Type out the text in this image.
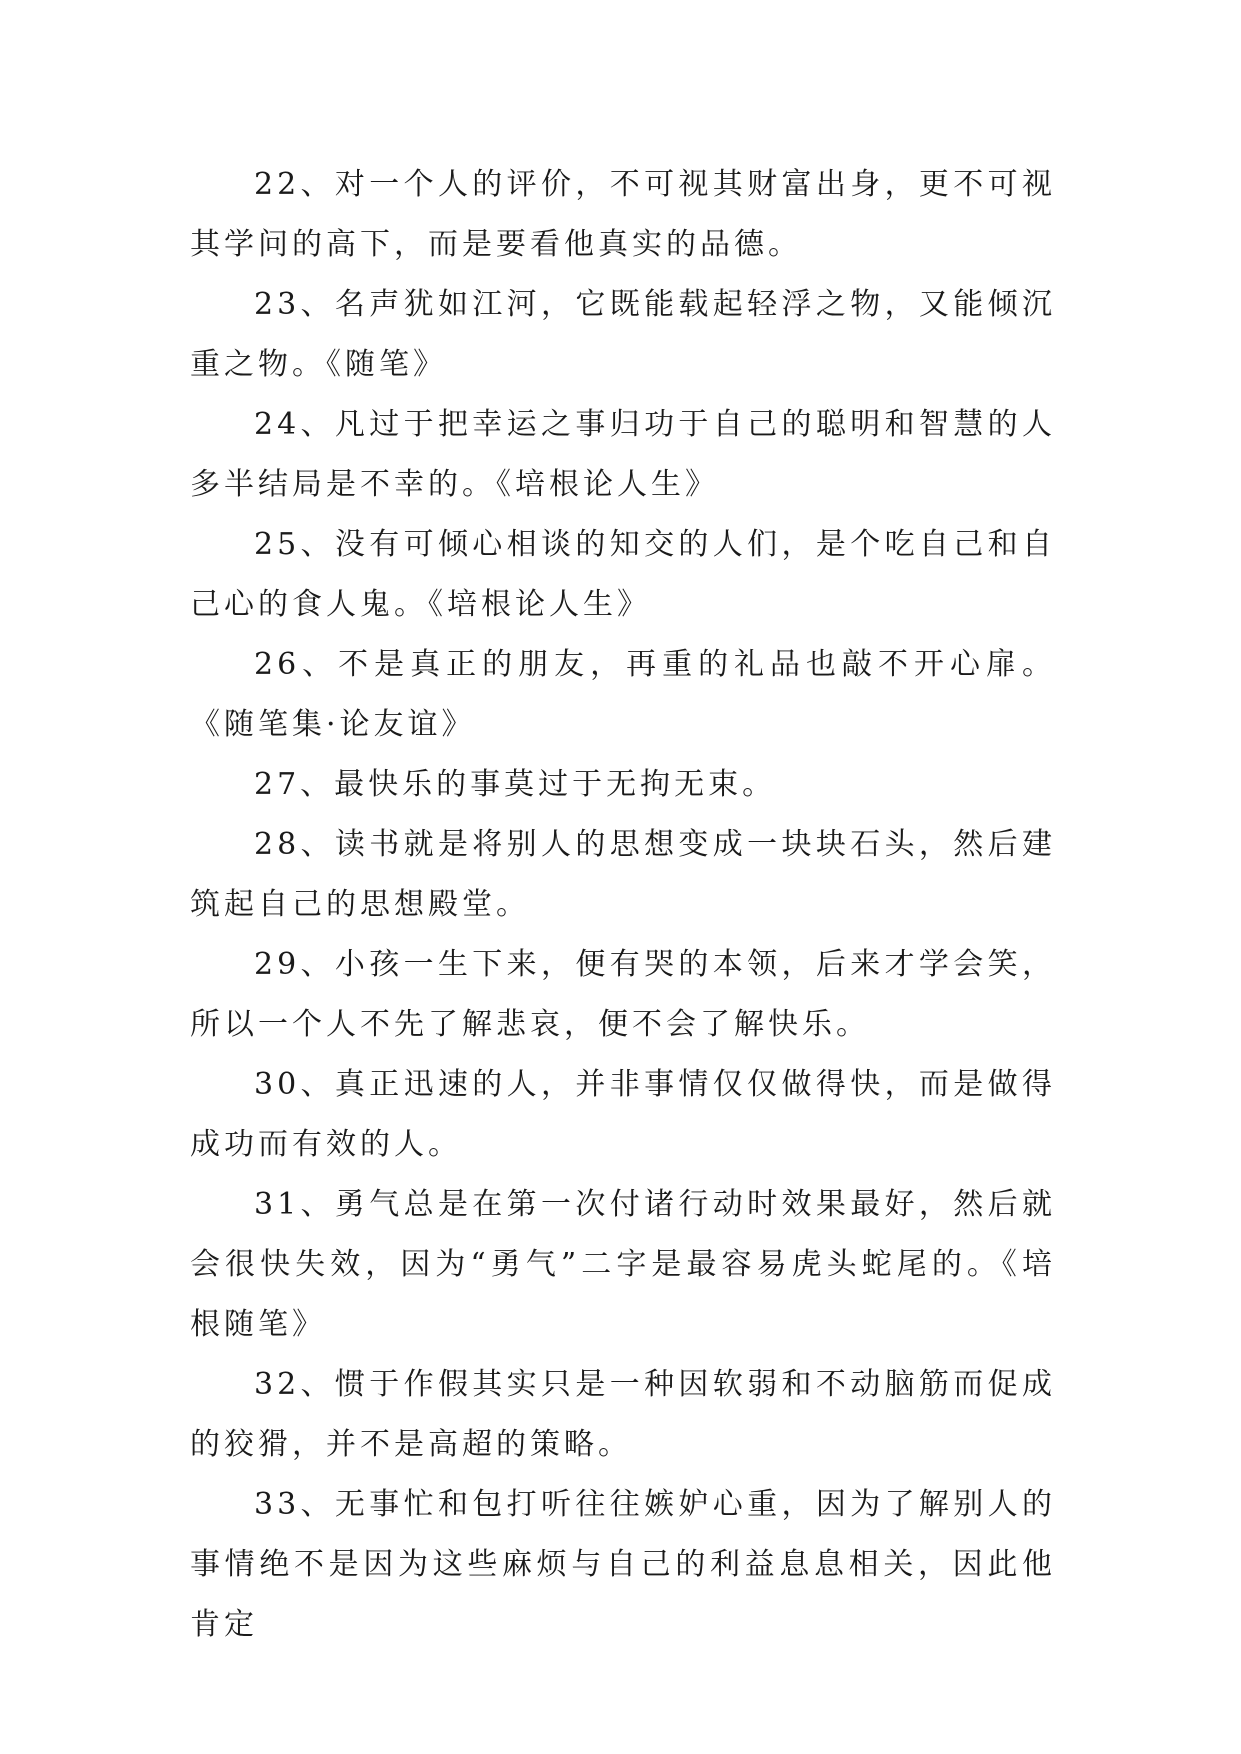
22、对一个人的评价，不可视其财富出身，更不可视其学问的高下，而是要看他真实的品德。

23、名声犹如江河，它既能载起轻浮之物，又能倾沉重之物。《随笔》

24、凡过于把幸运之事归功于自己的聪明和智慧的人多半结局是不幸的。《培根论人生》

25、没有可倾心相谈的知交的人们，是个吃自己和自己心的食人鬼。《培根论人生》

26、不是真正的朋友，再重的礼品也敲不开心扉。《随笔集·论友谊》

27、最快乐的事莫过于无拘无束。

28、读书就是将别人的思想变成一块块石头，然后建筑起自己的思想殿堂。

29、小孩一生下来，便有哭的本领，后来才学会笑，所以一个人不先了解悲哀，便不会了解快乐。

30、真正迅速的人，并非事情仅仅做得快，而是做得成功而有效的人。

31、勇气总是在第一次付诸行动时效果最好，然后就会很快失效，因为“勇气”二字是最容易虎头蛇尾的。《培根随笔》

32、惯于作假其实只是一种因软弱和不动脑筋而促成的狡猾，并不是高超的策略。

33、无事忙和包打听往往嫉妒心重，因为了解别人的事情绝不是因为这些麻烦与自己的利益息息相关，因此他肯定
